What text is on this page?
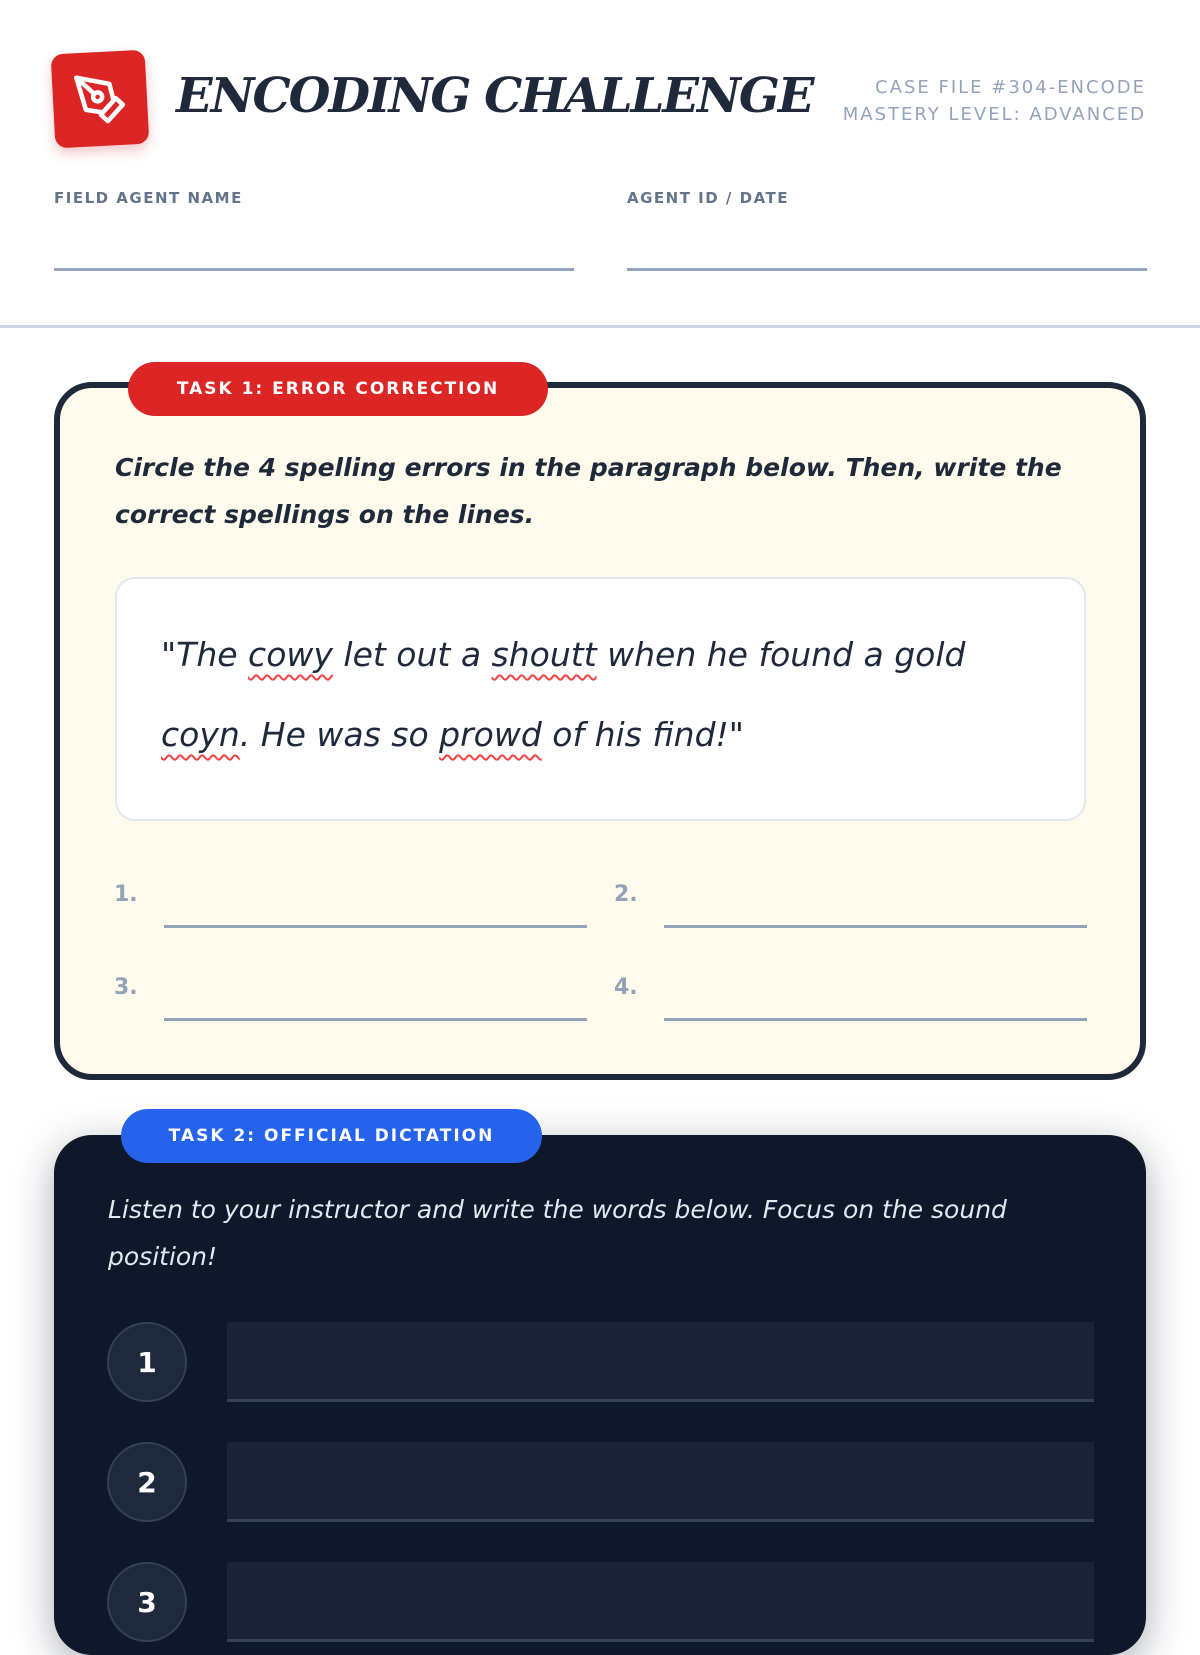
ENCODING CHALLENGE	CASE FILE #304-ENCODE
MASTERY LEVEL: ADVANCED
FIELD AGENT NAME	AGENT ID / DATE
TASK 1: ERROR CORRECTION
Circle the 4 spelling errors in the paragraph below. Then, write the correct spellings on the lines.
"The cowy let out a shoutt when he found a gold coyn. He was so prowd of his find!"
1.	2.
3.	4.
TASK 2: OFFICIAL DICTATION
Listen to your instructor and write the words below. Focus on the sound position!
1
2
3
